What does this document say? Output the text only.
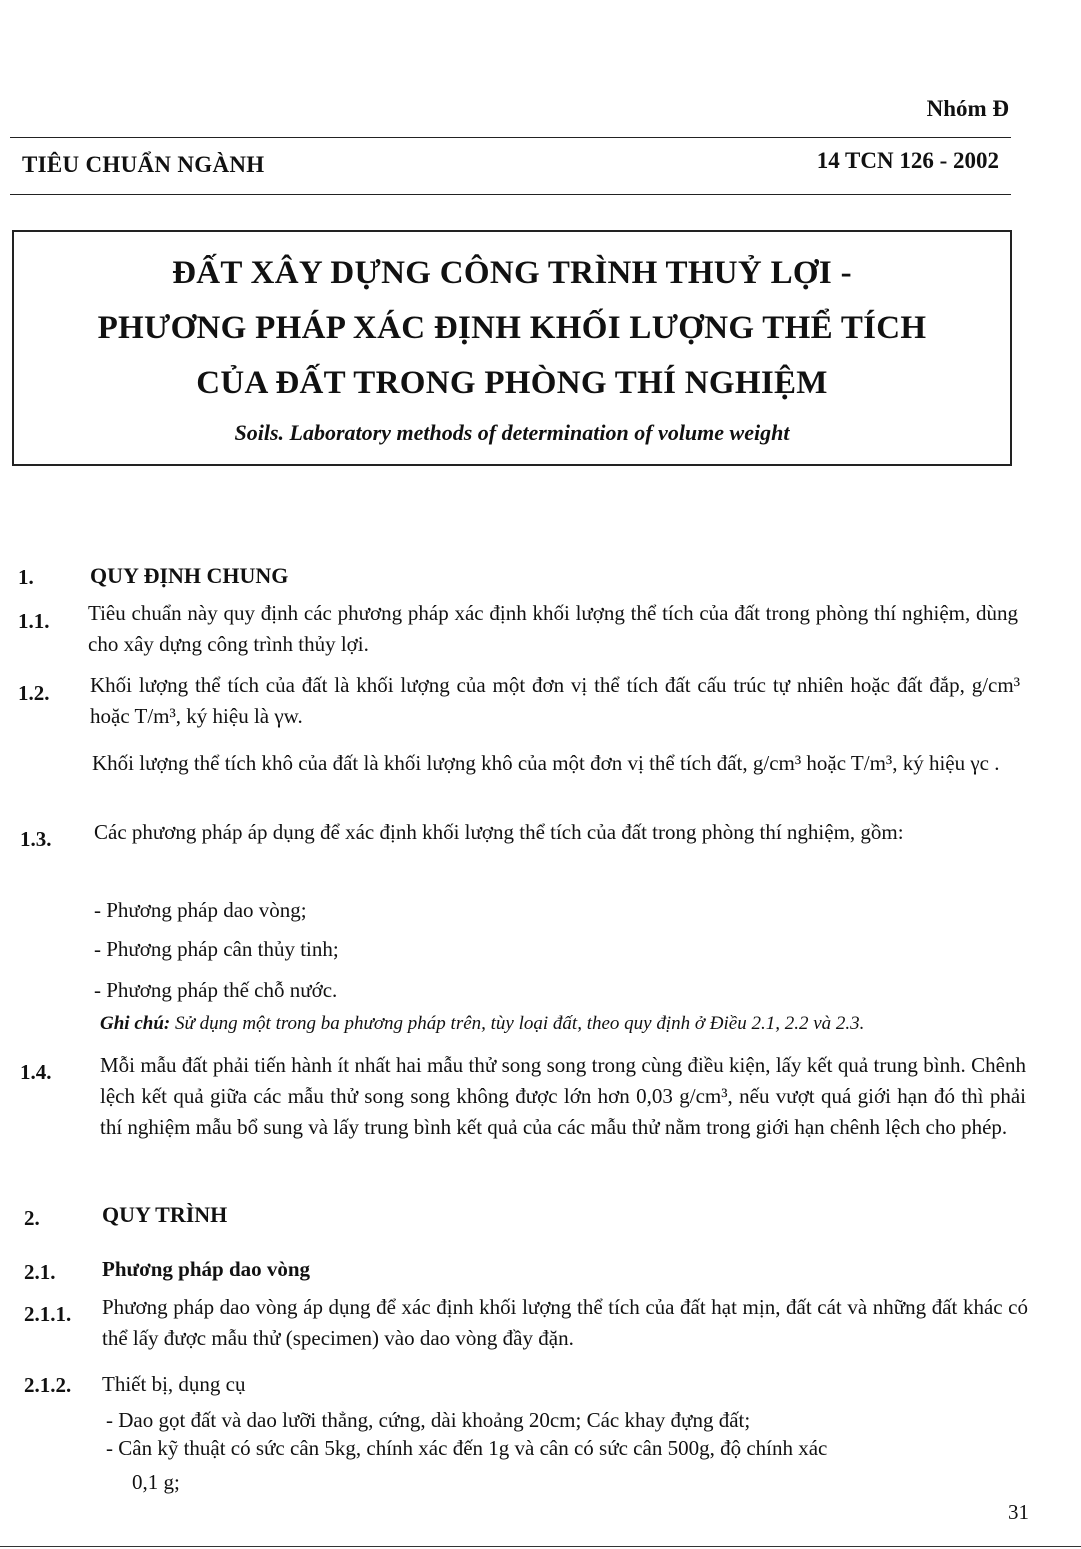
Nhóm Đ
TIÊU CHUẨN NGÀNH	14 TCN 126 - 2002
ĐẤT XÂY DỰNG CÔNG TRÌNH THUỶ LỢI -
PHƯƠNG PHÁP XÁC ĐỊNH KHỐI LƯỢNG THỂ TÍCH
CỦA ĐẤT TRONG PHÒNG THÍ NGHIỆM
Soils. Laboratory methods of determination of volume weight
1.	QUY ĐỊNH CHUNG
1.1. Tiêu chuẩn này quy định các phương pháp xác định khối lượng thể tích của đất trong phòng thí nghiệm, dùng cho xây dựng công trình thủy lợi.
1.2. Khối lượng thể tích của đất là khối lượng của một đơn vị thể tích đất cấu trúc tự nhiên hoặc đất đắp, g/cm³ hoặc T/m³, ký hiệu là γw.
Khối lượng thể tích khô của đất là khối lượng khô của một đơn vị thể tích đất, g/cm³ hoặc T/m³, ký hiệu γc .
1.3. Các phương pháp áp dụng để xác định khối lượng thể tích của đất trong phòng thí nghiệm, gồm:
- Phương pháp dao vòng;
- Phương pháp cân thủy tinh;
- Phương pháp thế chỗ nước.
Ghi chú: Sử dụng một trong ba phương pháp trên, tùy loại đất, theo quy định ở Điều 2.1, 2.2 và 2.3.
1.4. Mỗi mẫu đất phải tiến hành ít nhất hai mẫu thử song song trong cùng điều kiện, lấy kết quả trung bình. Chênh lệch kết quả giữa các mẫu thử song song không được lớn hơn 0,03 g/cm³, nếu vượt quá giới hạn đó thì phải thí nghiệm mẫu bổ sung và lấy trung bình kết quả của các mẫu thử nằm trong giới hạn chênh lệch cho phép.
2.	QUY TRÌNH
2.1. Phương pháp dao vòng
2.1.1. Phương pháp dao vòng áp dụng để xác định khối lượng thể tích của đất hạt mịn, đất cát và những đất khác có thể lấy được mẫu thử (specimen) vào dao vòng đầy đặn.
2.1.2. Thiết bị, dụng cụ
- Dao gọt đất và dao lưỡi thẳng, cứng, dài khoảng 20cm; Các khay đựng đất;
- Cân kỹ thuật có sức cân 5kg, chính xác đến 1g và cân có sức cân 500g, độ chính xác
0,1 g;
31
